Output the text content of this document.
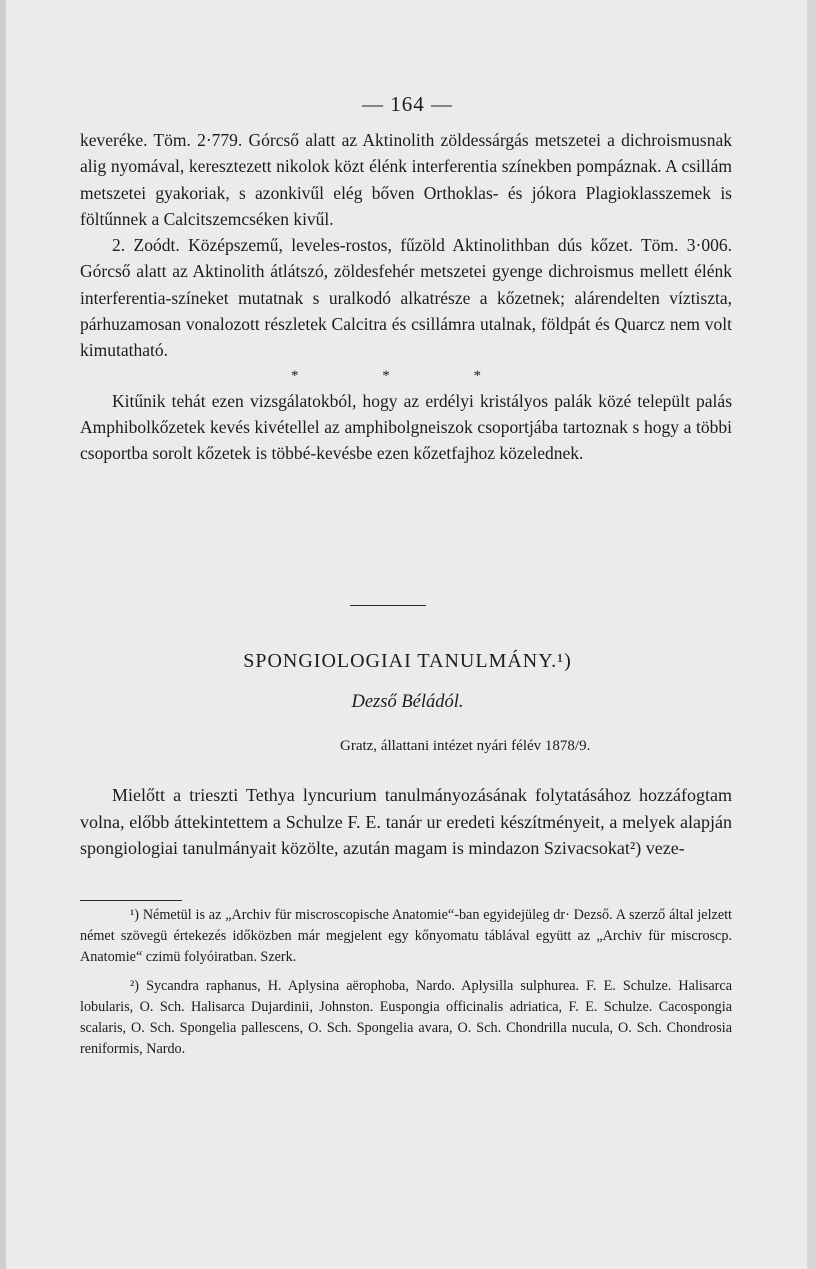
— 164 —

keveréke. Töm. 2·779. Górcső alatt az Aktinolith zöldessárgás metszetei a dichroismusnak alig nyomával, keresztezett nikolok közt élénk interferentia színekben pompáznak. A csillám metszetei gyakoriak, s azonkivűl elég bőven Orthoklas- és jókora Plagioklasszemek is föltűnnek a Calcitszemcséken kivűl.

2. Zoódt. Középszemű, leveles-rostos, fűzöld Aktinolithban dús kőzet. Töm. 3·006. Górcső alatt az Aktinolith átlátszó, zöldesfehér metszetei gyenge dichroismus mellett élénk interferentia-színeket mutatnak s uralkodó alkatrésze a kőzetnek; alárendelten víztiszta, párhuzamosan vonalozott részletek Calcitra és csillámra utalnak, földpát és Quarcz nem volt kimutatható.

* * *

Kitűnik tehát ezen vizsgálatokból, hogy az erdélyi kristályos palák közé települt palás Amphibolkőzetek kevés kivétellel az amphibolgneiszok csoportjába tartoznak s hogy a többi csoportba sorolt kőzetek is többé-kevésbe ezen kőzetfajhoz közelednek.

SPONGIOLOGIAI TANULMÁNY.¹)
Dezső Béládól.
Gratz, állattani intézet nyári félév 1878/9.

Mielőtt a trieszti Tethya lyncurium tanulmányozásának folytatásához hozzáfogtam volna, előbb áttekintettem a Schulze F. E. tanár ur eredeti készítményeit, a melyek alapján spongiologiai tanulmányait közölte, azután magam is mindazon Szivacsokat²) veze-

¹) Németül is az „Archiv für miscroscopische Anatomie“-ban egyidejüleg dr· Dezső. A szerző által jelzett német szövegü értekezés időközben már megjelent egy kőnyomatu táblával együtt az „Archiv für miscroscp. Anatomie“ czimü folyóiratban. Szerk.

²) Sycandra raphanus, H. Aplysina aërophoba, Nardo. Aplysilla sulphurea. F. E. Schulze. Halisarca lobularis, O. Sch. Halisarca Dujardinii, Johnston. Euspongia officinalis adriatica, F. E. Schulze. Cacospongia scalaris, O. Sch. Spongelia pallescens, O. Sch. Spongelia avara, O. Sch. Chondrilla nucula, O. Sch. Chondrosia reniformis, Nardo.
